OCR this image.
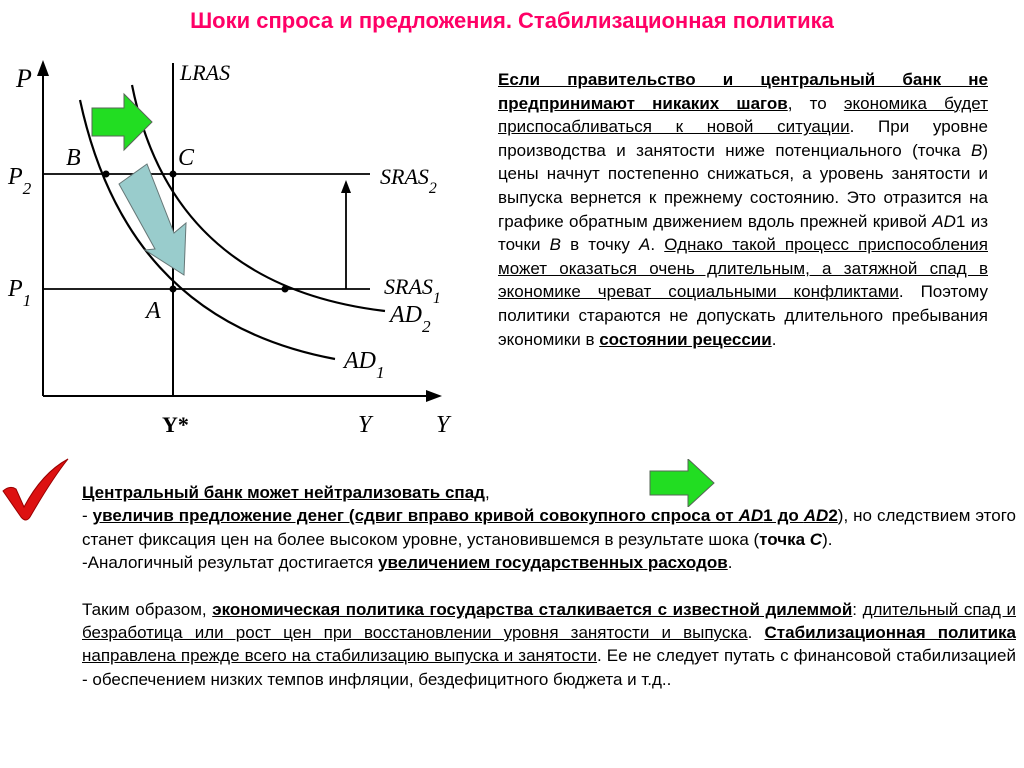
Шоки спроса и предложения. Стабилизационная политика
P	LRAS
B	C
$P_2$
$P_1$
$SRAS_2$
$SRAS_1$
A	$AD_2$
$AD_1$
Y*	Y	Y
Если правительство и центральный банк не предпринимают никаких шагов, то экономика будет приспосабливаться к новой ситуации. При уровне производства и занятости ниже потенциального (точка B) цены начнут постепенно снижаться, а уровень занятости и выпуска вернется к прежнему состоянию. Это отразится на графике обратным движением вдоль прежней кривой AD1 из точки B в точку A. Однако такой процесс приспособления может оказаться очень длительным, а затяжной спад в экономике чреват социальными конфликтами. Поэтому политики стараются не допускать длительного пребывания экономики в состоянии рецессии.

Центральный банк может нейтрализовать спад,

- увеличив предложение денег (сдвиг вправо кривой совокупного спроса от AD1 до AD2), но следствием этого станет фиксация цен на более высоком уровне, установившемся в результате шока (точка C).

-Аналогичный результат достигается увеличением государственных расходов.

Таким образом, экономическая политика государства сталкивается с известной дилеммой: длительный спад и безработица или рост цен при восстановлении уровня занятости и выпуска. Стабилизационная политика направлена прежде всего на стабилизацию выпуска и занятости. Ее не следует путать с финансовой стабилизацией - обеспечением низких темпов инфляции, бездефицитного бюджета и т.д..
